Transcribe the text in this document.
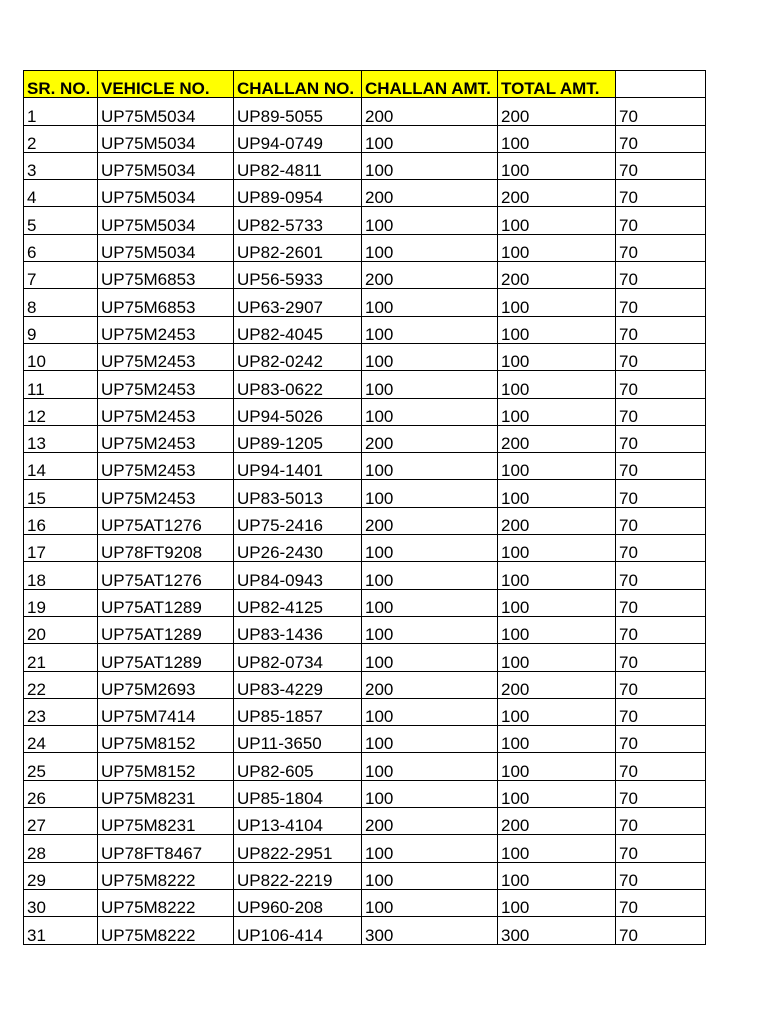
SR. NO.	VEHICLE NO.	CHALLAN NO.	CHALLAN AMT.	TOTAL AMT.	
1	UP75M5034	UP89-5055	200	200	70
2	UP75M5034	UP94-0749	100	100	70
3	UP75M5034	UP82-4811	100	100	70
4	UP75M5034	UP89-0954	200	200	70
5	UP75M5034	UP82-5733	100	100	70
6	UP75M5034	UP82-2601	100	100	70
7	UP75M6853	UP56-5933	200	200	70
8	UP75M6853	UP63-2907	100	100	70
9	UP75M2453	UP82-4045	100	100	70
10	UP75M2453	UP82-0242	100	100	70
11	UP75M2453	UP83-0622	100	100	70
12	UP75M2453	UP94-5026	100	100	70
13	UP75M2453	UP89-1205	200	200	70
14	UP75M2453	UP94-1401	100	100	70
15	UP75M2453	UP83-5013	100	100	70
16	UP75AT1276	UP75-2416	200	200	70
17	UP78FT9208	UP26-2430	100	100	70
18	UP75AT1276	UP84-0943	100	100	70
19	UP75AT1289	UP82-4125	100	100	70
20	UP75AT1289	UP83-1436	100	100	70
21	UP75AT1289	UP82-0734	100	100	70
22	UP75M2693	UP83-4229	200	200	70
23	UP75M7414	UP85-1857	100	100	70
24	UP75M8152	UP11-3650	100	100	70
25	UP75M8152	UP82-605	100	100	70
26	UP75M8231	UP85-1804	100	100	70
27	UP75M8231	UP13-4104	200	200	70
28	UP78FT8467	UP822-2951	100	100	70
29	UP75M8222	UP822-2219	100	100	70
30	UP75M8222	UP960-208	100	100	70
31	UP75M8222	UP106-414	300	300	70
